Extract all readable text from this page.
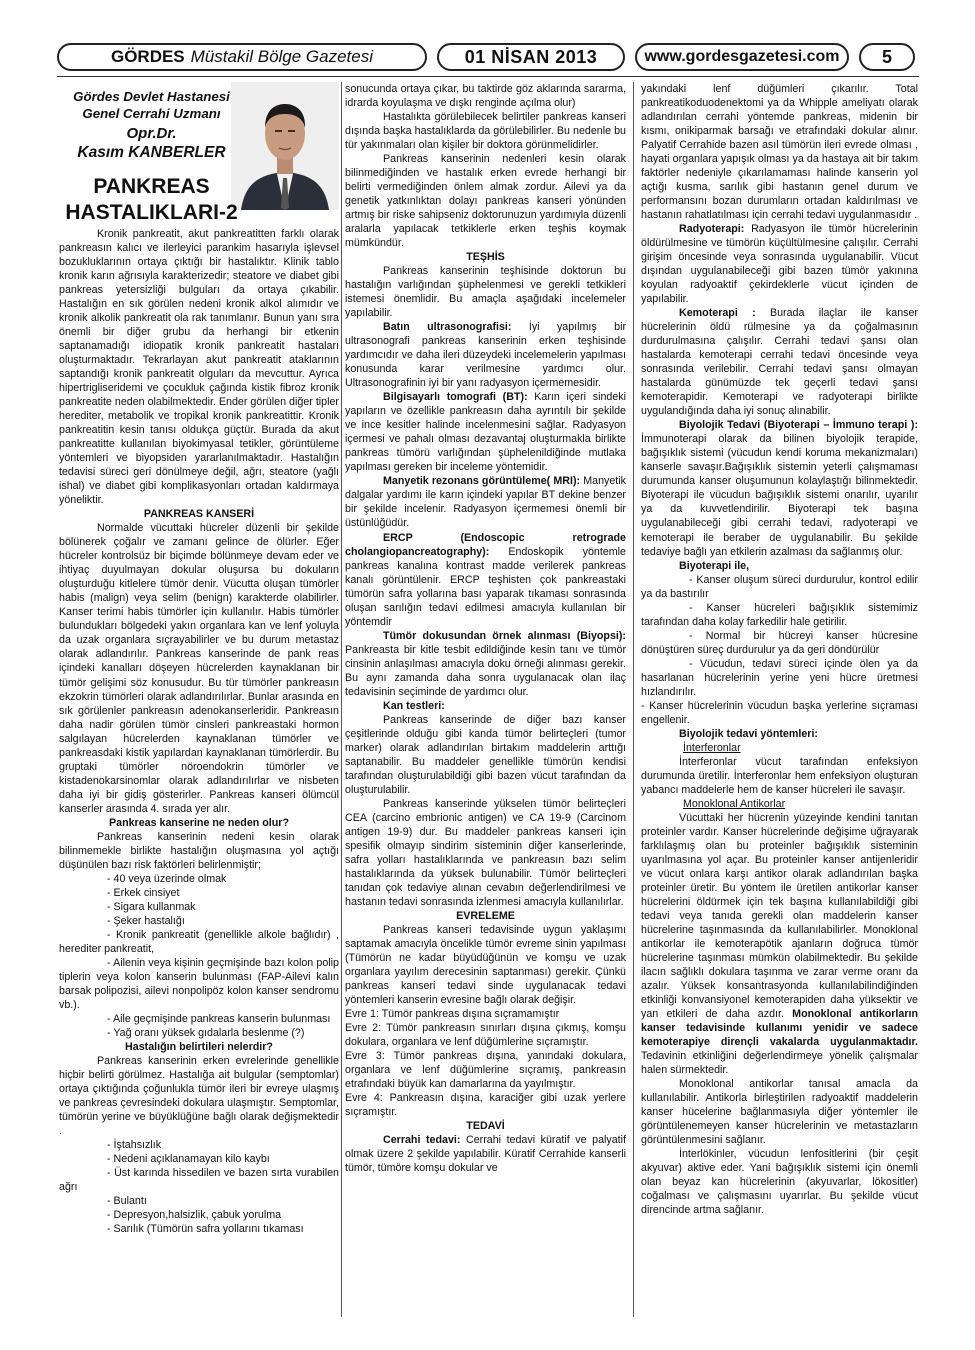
GÖRDES Müstakil Bölge Gazetesi	01 NİSAN 2013	www.gordesgazetesi.com	5
Gördes Devlet Hastanesi
Genel Cerrahi Uzmanı
Opr.Dr.
Kasım KANBERLER
PANKREAS
HASTALIKLARI-2

Kronik pankreatit, akut pankreatitten farklı olarak pankreasın kalıcı ve ilerleyici parankim hasarıyla işlevsel bozukluklarının ortaya çıktığı bir hastalıktır. Klinik tablo kronik karın ağrısıyla karakterizedir; steatore ve diabet gibi pankreas yetersizliği bulguları da ortaya çıkabilir. Hastalığın en sık görülen nedeni kronik alkol alımıdır ve kronik alkolik pankreatit ola rak tanımlanır. Bunun yanı sıra önemli bir diğer grubu da herhangi bir etkenin saptanamadığı idiopatik kronik pankreatit hastaları oluşturmaktadır. Tekrarlayan akut pankreatit ataklarının saptandığı kronik pankreatit olguları da mevcuttur. Ayrıca hipertrigliseridemi ve çocukluk çağında kistik fibroz kronik pankreatite neden olabilmektedir. Ender görülen diğer tipler herediter, metabolik ve tropikal kronik pankreatittir. Kronik pankreatitin kesin tanısı oldukça güçtür. Burada da akut pankreatitte kullanılan biyokimyasal tetikler, görüntüleme yöntemleri ve biyopsiden yararlanılmaktadır. Hastalığın tedavisi süreci geri dönülmeye değil, ağrı, steatore (yağlı ishal) ve diabet gibi komplikasyonları ortadan kaldırmaya yöneliktir.

PANKREAS KANSERİ

Normalde vücuttaki hücreler düzenli bir şekilde bölünerek çoğalır ve zamanı gelince de ölürler. Eğer hücreler kontrolsüz bir biçimde bölünmeye devam eder ve ihtiyaç duyulmayan dokular oluşursa bu dokuların oluşturduğu kitlelere tümör denir. Vücutta oluşan tümörler habis (malign) veya selim (benign) karakterde olabilirler. Kanser terimi habis tümörler için kullanılır. Habis tümörler bulundukları bölgedeki yakın organlara kan ve lenf yoluyla da uzak organlara sıçrayabilirler ve bu durum metastaz olarak adlandırılır. Pankreas kanserinde de pank reas içindeki kanalları döşeyen hücrelerden kaynaklanan bir tümör gelişimi söz konusudur. Bu tür tümörler pankreasın ekzokrin tümörleri olarak adlandırılırlar. Bunlar arasında en sık görülenler pankreasın adenokanserleridir. Pankreasın daha nadir görülen tümör cinsleri pankreastaki hormon salgılayan hücrelerden kaynaklanan tümörler ve pankreasdaki kistik yapılardan kaynaklanan tümörlerdir. Bu gruptaki tümörler nöroendokrin tümörler ve kistadenokarsinomlar olarak adlandırılırlar ve nisbeten daha iyi bir gidiş gösterirler. Pankreas kanseri ölümcül kanserler arasında 4. sırada yer alır.

Pankreas kanserine ne neden olur?

Pankreas kanserinin nedeni kesin olarak bilinmemekle birlikte hastalığın oluşmasına yol açtığı düşünülen bazı risk faktörleri belirlenmiştir;

- 40 veya üzerinde olmak

- Erkek cinsiyet

- Sigara kullanmak

- Şeker hastalığı

- Kronik pankreatit (genellikle alkole bağlıdır) , herediter pankreatit,

- Ailenin veya kişinin geçmişinde bazı kolon polip tiplerin veya kolon kanserin bulunması (FAP-Ailevi kalın barsak polipozisi, ailevi nonpolipöz kolon kanser sendromu vb.).

- Aile geçmişinde pankreas kanserin bulunması

- Yağ oranı yüksek gıdalarla beslenme (?)

Hastalığın belirtileri nelerdir?

Pankreas kanserinin erken evrelerinde genellikle hiçbir belirti görülmez. Hastalığa ait bulgular (semptomlar) ortaya çıktığında çoğunlukla tümör ileri bir evreye ulaşmış ve pankreas çevresindeki dokulara ulaşmıştır. Semptomlar, tümörün yerine ve büyüklüğüne bağlı olarak değişmektedir .

- İştahsızlık

- Nedeni açıklanamayan kilo kaybı

- Üst karında hissedilen ve bazen sırta vurabilen ağrı

- Bulantı

- Depresyon,halsizlik, çabuk yorulma

- Sarılık (Tümörün safra yollarını tıkaması

sonucunda ortaya çıkar, bu taktirde göz aklarında sararma, idrarda koyulaşma ve dışkı renginde açılma olur)

Hastalıkta görülebilecek belirtiler pankreas kanseri dışında başka hastalıklarda da görülebilirler. Bu nedenle bu tür yakınmaları olan kişiler bir doktora görünmelidirler.

Pankreas kanserinin nedenleri kesin olarak bilinmediğinden ve hastalık erken evrede herhangi bir belirti vermediğinden önlem almak zordur. Ailevi ya da genetik yatkınlıktan dolayı pankreas kanseri yönünden artmış bir riske sahipseniz doktorunuzun yardımıyla düzenli aralarla yapılacak tetkiklerle erken teşhis koymak mümkündür.

TEŞHİS

Pankreas kanserinin teşhisinde doktorun bu hastalığın varlığından şüphelenmesi ve gerekli tetkikleri istemesi önemlidir. Bu amaçla aşağıdaki incelemeler yapılabilir.

Batın ultrasonografisi: İyi yapılmış bir ultrasonografi pankreas kanserinin erken teşhisinde yardımcıdır ve daha ileri düzeydeki incelemelerin yapılması konusunda karar verilmesine yardımcı olur. Ultrasonografinin iyi bir yanı radyasyon içermemesidir.

Bilgisayarlı tomografi (BT): Karın içeri sindeki yapıların ve özellikle pankreasın daha ayrıntılı bir şekilde ve ince kesitler halinde incelenmesini sağlar. Radyasyon içermesi ve pahalı olması dezavantaj oluşturmakla birlikte pankreas tümörü varlığından şüphelenildiğinde mutlaka yapılması gereken bir inceleme yöntemidir.

Manyetik rezonans görüntüleme( MRI): Manyetik dalgalar yardımı ile karın içindeki yapılar BT dekine benzer bir şekilde incelenir. Radyasyon içermemesi önemli bir üstünlüğüdür.

ERCP (Endoscopic retrograde cholangiopancreatography): Endoskopik yöntemle pankreas kanalına kontrast madde verilerek pankreas kanalı görüntülenir. ERCP teşhisten çok pankreastaki tümörün safra yollarına bası yaparak tıkaması sonrasında oluşan sarılığın tedavi edilmesi amacıyla kullanılan bir yöntemdir

Tümör dokusundan örnek alınması (Biyopsi): Pankreasta bir kitle tesbit edildiğinde kesin tanı ve tümör cinsinin anlaşılması amacıyla doku örneği alınması gerekir. Bu aynı zamanda daha sonra uygulanacak olan ilaç tedavisinin seçiminde de yardımcı olur.

Kan testleri:

Pankreas kanserinde de diğer bazı kanser çeşitlerinde olduğu gibi kanda tümör belirteçleri (tumor marker) olarak adlandırılan birtakım maddelerin arttığı saptanabilir. Bu maddeler genellikle tümörün kendisi tarafından oluşturulabildiği gibi bazen vücut tarafından da oluşturulabilir.

Pankreas kanserinde yükselen tümör belirteçleri CEA (carcino embrionic antigen) ve CA 19-9 (Carcinom antigen 19-9) dur. Bu maddeler pankreas kanseri için spesifik olmayıp sindirim sisteminin diğer kanserlerinde, safra yolları hastalıklarında ve pankreasın bazı selim hastalıklarında da yüksek bulunabilir. Tümör belirteçleri tanıdan çok tedaviye alınan cevabın değerlendirilmesi ve hastanın tedavi sonrasında izlenmesi amacıyla kullanılırlar.

EVRELEME

Pankreas kanseri tedavisinde uygun yaklaşımı saptamak amacıyla öncelikle tümör evreme sinin yapılması (Tümörün ne kadar büyüdüğünün ve komşu ve uzak organlara yayılım derecesinin saptanması) gerekir. Çünkü pankreas kanseri tedavi sinde uygulanacak tedavi yöntemleri kanserin evresine bağlı olarak değişir.

Evre 1: Tümör pankreas dışına sıçramamıştır

Evre 2: Tümör pankreasın sınırları dışına çıkmış, komşu dokulara, organlara ve lenf düğümlerine sıçramıştır.

Evre 3: Tümör pankreas dışına, yanındaki dokulara, organlara ve lenf düğümlerine sıçramış, pankreasın etrafındaki büyük kan damarlarına da yayılmıştır.

Evre 4: Pankreasın dışına, karaciğer gibi uzak yerlere sıçramıştır.

TEDAVİ

Cerrahi tedavi: Cerrahi tedavi küratif ve palyatif olmak üzere 2 şekilde yapılabilir. Küratif Cerrahide kanserli tümör, tümöre komşu dokular ve

yakındaki lenf düğümleri çıkarılır. Total pankreatikoduodenektomi ya da Whipple ameliyatı olarak adlandırılan cerrahi yöntemde pankreas, midenin bir kısmı, onikiparmak barsağı ve etrafındaki dokular alınır. Palyatif Cerrahide bazen asıl tümörün ileri evrede olması , hayati organlara yapışık olması ya da hastaya ait bir takım faktörler nedeniyle çıkarılamaması halinde kanserin yol açtığı kusma, sarılık gibi hastanın genel durum ve performansını bozan durumların ortadan kaldırılması ve hastanın rahatlatılması için cerrahi tedavi uygulanmasıdır .

Radyoterapi: Radyasyon ile tümör hücrelerinin öldürülmesine ve tümörün küçültülmesine çalışılır. Cerrahi girişim öncesinde veya sonrasında uygulanabilir. Vücut dışından uygulanabileceği gibi bazen tümör yakınına koyulan radyoaktif çekirdeklerle vücut içinden de yapılabilir.

Kemoterapi : Burada ilaçlar ile kanser hücrelerinin öldü rülmesine ya da çoğalmasının durdurulmasına çalışılır. Cerrahi tedavi şansı olan hastalarda kemoterapi cerrahi tedavi öncesinde veya sonrasında verilebilir. Cerrahi tedavi şansı olmayan hastalarda günümüzde tek geçerli tedavi şansı kemoterapidir. Kemoterapi ve radyoterapi birlikte uygulandığında daha iyi sonuç alınabilir.

Biyolojik Tedavi (Biyoterapi – İmmuno terapi ): İmmunoterapi olarak da bilinen biyolojik terapide, bağışıklık sistemi (vücudun kendi koruma mekanizmaları) kanserle savaşır.Bağışıklık sistemin yeterli çalışmaması durumunda kanser oluşumunun kolaylaştığı bilinmektedir. Biyoterapi ile vücudun bağışıklık sistemi onarılır, uyarılır ya da kuvvetlendirilir. Biyoterapi tek başına uygulanabileceği gibi cerrahi tedavi, radyoterapi ve kemoterapi ile beraber de uygulanabilir. Bu şekilde tedaviye bağlı yan etkilerin azalması da sağlanmış olur.

Biyoterapi ile,

- Kanser oluşum süreci durdurulur, kontrol edilir ya da bastırılır

- Kanser hücreleri bağışıklık sistemimiz tarafından daha kolay farkedilir hale getirilir.

- Normal bir hücreyi kanser hücresine dönüştüren süreç durdurulur ya da geri döndürülür

- Vücudun, tedavi süreci içinde ölen ya da hasarlanan hücrelerinin yerine yeni hücre üretmesi hızlandırılır.

- Kanser hücrelerinin vücudun başka yerlerine sıçraması engellenir.

Biyolojik tedavi yöntemleri:

İnterferonlar

İnterferonlar vücut tarafından enfeksiyon durumunda üretilir. İnterferonlar hem enfeksiyon oluşturan yabancı maddelerle hem de kanser hücreleri ile savaşır.

Monoklonal Antikorlar

Vücuttaki her hücrenin yüzeyinde kendini tanıtan proteinler vardır. Kanser hücrelerinde değişime uğrayarak farklılaşmış olan bu proteinler bağışıklık sisteminin uyarılmasına yol açar. Bu proteinler kanser antijenleridir ve vücut onlara karşı antikor olarak adlandırılan başka proteinler üretir. Bu yöntem ile üretilen antikorlar kanser hücrelerini öldürmek için tek başına kullanılabildiği gibi tedavi veya tanıda gerekli olan maddelerin kanser hücrelerine taşınmasında da kullanılabilirler. Monoklonal antikorlar ile kemoterapötik ajanların doğruca tümör hücrelerine taşınması mümkün olabilmektedir. Bu şekilde ilacın sağlıklı dokulara taşınma ve zarar verme oranı da azalır. Yüksek konsantrasyonda kullanılabilindiğinden etkinliği konvansiyonel kemoterapiden daha yüksektir ve yan etkileri de daha azdır. Monoklonal antikorların kanser tedavisinde kullanımı yenidir ve sadece kemoterapiye dirençli vakalarda uygulanmaktadır. Tedavinin etkinliğini değerlendirmeye yönelik çalışmalar halen sürmektedir.

Monoklonal antikorlar tanısal amacla da kullanılabilir. Antikorla birleştirilen radyoaktif maddelerin kanser hücelerine bağlanmasıyla diğer yöntemler ile görüntülenemeyen kanser hücrelerinin ve metastazların görüntülenmesini sağlanır.

İnterlökinler, vücudun lenfositlerini (bir çeşit akyuvar) aktive eder. Yani bağışıklık sistemi için önemli olan beyaz kan hücrelerinin (akyuvarlar, lökositler) coğalması ve çalışmasını uyarırlar. Bu şekilde vücut direncinde artma sağlanır.
